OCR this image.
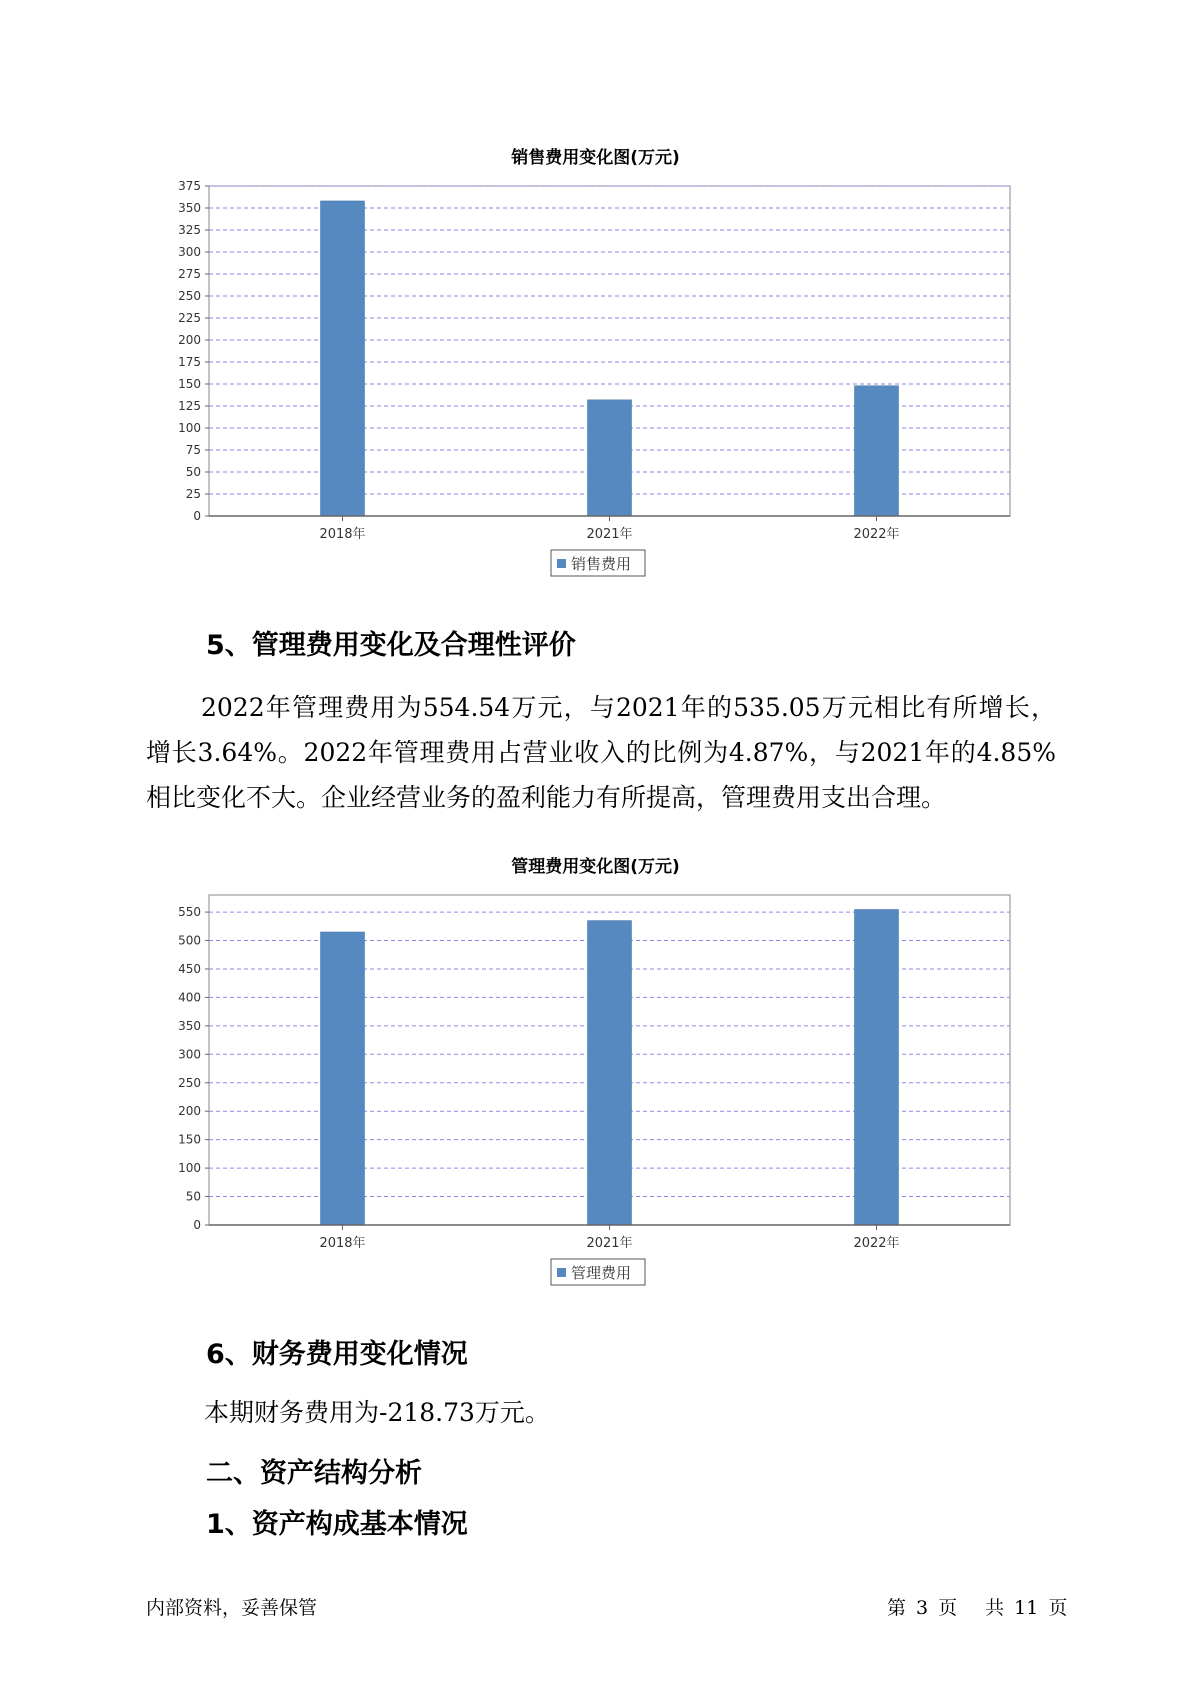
销售费用变化图(万元)
0
25
50
75
100
125
150
175
200
225
250
275
300
325
350
375
2018年	2021年	2022年
销售费用
5、管理费用变化及合理性评价
2022年管理费用为554.54万元，与2021年的535.05万元相比有所增长，
增长3.64%。2022年管理费用占营业收入的比例为4.87%，与2021年的4.85%
相比变化不大。企业经营业务的盈利能力有所提高，管理费用支出合理。
管理费用变化图(万元)
0
50
100
150
200
250
300
350
400
450
500
550
2018年	2021年	2022年
管理费用
6、财务费用变化情况
本期财务费用为-218.73万元。
二、资产结构分析
1、资产构成基本情况
内部资料，妥善保管	第 3 页 共 11 页
